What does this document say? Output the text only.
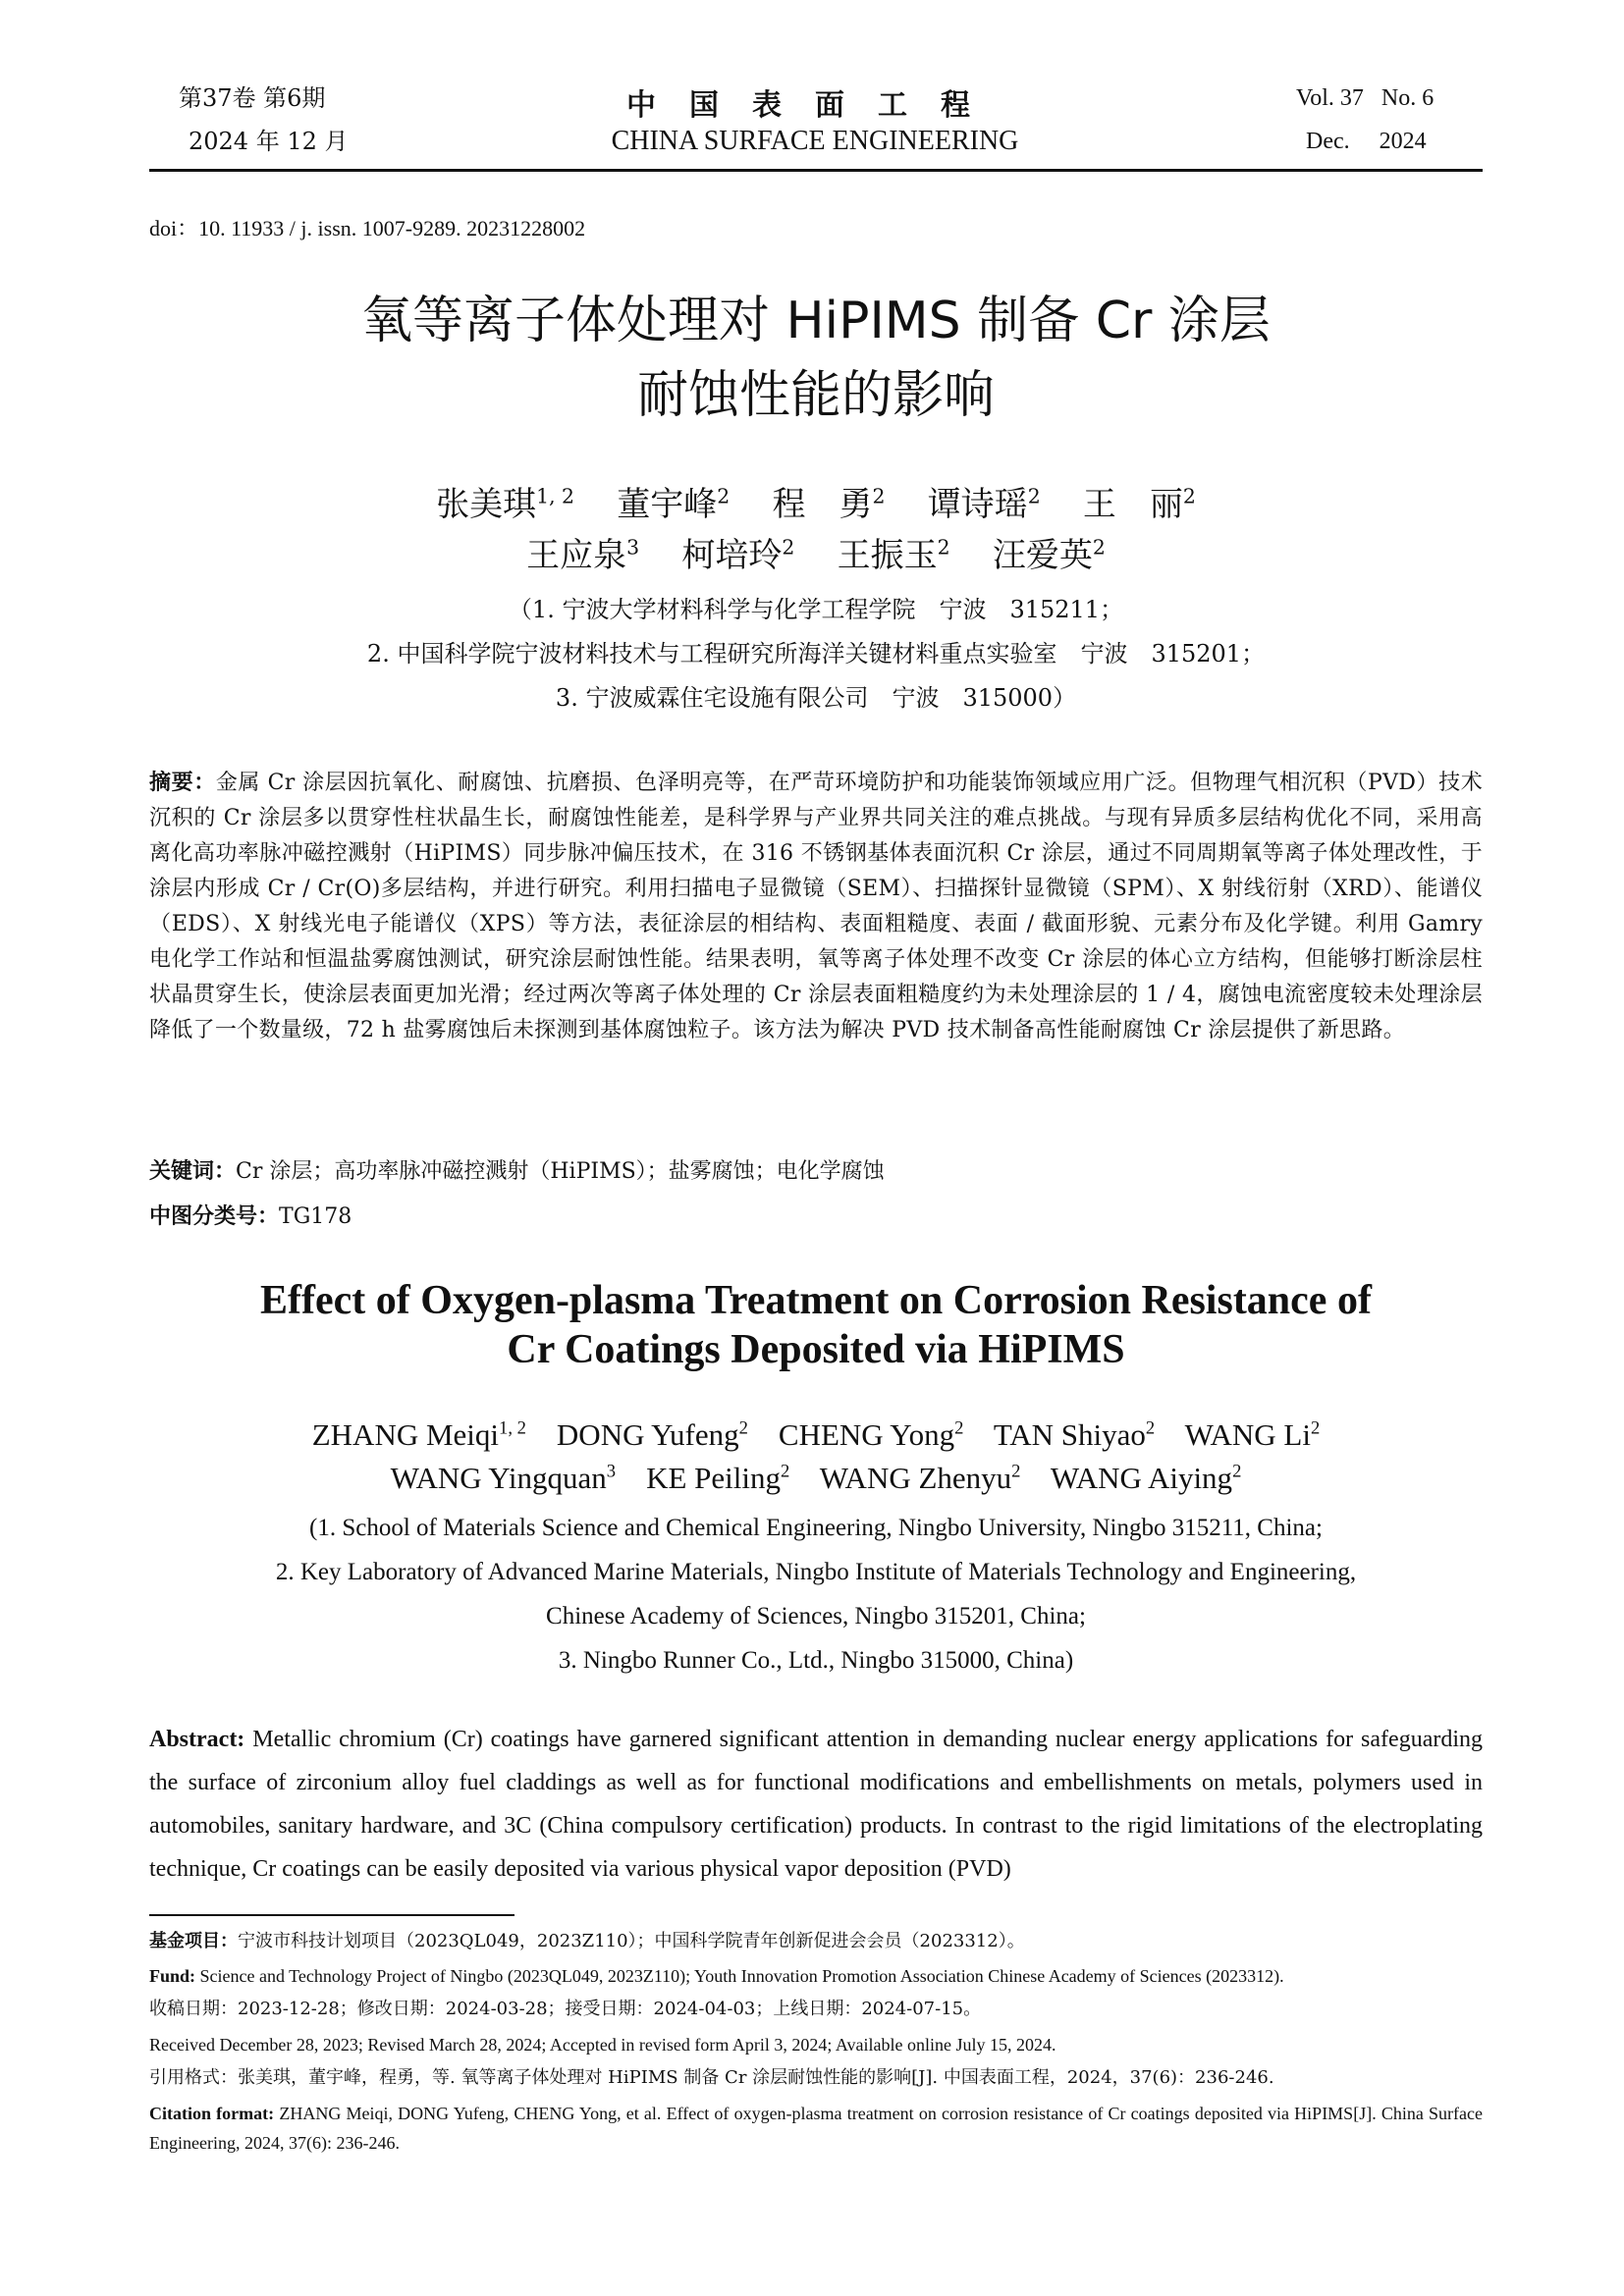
第37卷 第6期
2024 年 12 月
中国表面工程
CHINA SURFACE ENGINEERING
Vol. 37   No. 6
Dec.     2024
doi：10. 11933 / j. issn. 1007-9289. 20231228002
氧等离子体处理对 HiPIMS 制备 Cr 涂层
耐蚀性能的影响
张美琪$^{1, 2}$ 董宇峰$^2$ 程　勇$^2$ 谭诗瑶$^2$ 王　丽$^2$
王应泉$^3$ 柯培玲$^2$ 王振玉$^2$ 汪爱英$^2$
（1. 宁波大学材料科学与化学工程学院　宁波　315211；
2. 中国科学院宁波材料技术与工程研究所海洋关键材料重点实验室　宁波　315201；
3. 宁波威霖住宅设施有限公司　宁波　315000）
摘要：金属 Cr 涂层因抗氧化、耐腐蚀、抗磨损、色泽明亮等，在严苛环境防护和功能装饰领域应用广泛。但物理气相沉积（PVD）技术沉积的 Cr 涂层多以贯穿性柱状晶生长，耐腐蚀性能差，是科学界与产业界共同关注的难点挑战。与现有异质多层结构优化不同，采用高离化高功率脉冲磁控溅射（HiPIMS）同步脉冲偏压技术，在 316 不锈钢基体表面沉积 Cr 涂层，通过不同周期氧等离子体处理改性，于涂层内形成 Cr / Cr(O)多层结构，并进行研究。利用扫描电子显微镜（SEM）、扫描探针显微镜（SPM）、X 射线衍射（XRD）、能谱仪（EDS）、X 射线光电子能谱仪（XPS）等方法，表征涂层的相结构、表面粗糙度、表面 / 截面形貌、元素分布及化学键。利用 Gamry 电化学工作站和恒温盐雾腐蚀测试，研究涂层耐蚀性能。结果表明，氧等离子体处理不改变 Cr 涂层的体心立方结构，但能够打断涂层柱状晶贯穿生长，使涂层表面更加光滑；经过两次等离子体处理的 Cr 涂层表面粗糙度约为未处理涂层的 1 / 4，腐蚀电流密度较未处理涂层降低了一个数量级，72 h 盐雾腐蚀后未探测到基体腐蚀粒子。该方法为解决 PVD 技术制备高性能耐腐蚀 Cr 涂层提供了新思路。
关键词：Cr 涂层；高功率脉冲磁控溅射（HiPIMS）；盐雾腐蚀；电化学腐蚀
中图分类号：TG178
Effect of Oxygen-plasma Treatment on Corrosion Resistance of
Cr Coatings Deposited via HiPIMS
ZHANG Meiqi$^{1, 2}$ DONG Yufeng$^2$ CHENG Yong$^2$ TAN Shiyao$^2$ WANG Li$^2$
WANG Yingquan$^3$ KE Peiling$^2$ WANG Zhenyu$^2$ WANG Aiying$^2$
(1. School of Materials Science and Chemical Engineering, Ningbo University, Ningbo 315211, China;
2. Key Laboratory of Advanced Marine Materials, Ningbo Institute of Materials Technology and Engineering,
Chinese Academy of Sciences, Ningbo 315201, China;
3. Ningbo Runner Co., Ltd., Ningbo 315000, China)
Abstract: Metallic chromium (Cr) coatings have garnered significant attention in demanding nuclear energy applications for safeguarding the surface of zirconium alloy fuel claddings as well as for functional modifications and embellishments on metals, polymers used in automobiles, sanitary hardware, and 3C (China compulsory certification) products. In contrast to the rigid limitations of the electroplating technique, Cr coatings can be easily deposited via various physical vapor deposition (PVD)
基金项目：宁波市科技计划项目（2023QL049，2023Z110）；中国科学院青年创新促进会会员（2023312）。
Fund: Science and Technology Project of Ningbo (2023QL049, 2023Z110); Youth Innovation Promotion Association Chinese Academy of Sciences (2023312).
收稿日期：2023-12-28；修改日期：2024-03-28；接受日期：2024-04-03；上线日期：2024-07-15。
Received December 28, 2023; Revised March 28, 2024; Accepted in revised form April 3, 2024; Available online July 15, 2024.
引用格式：张美琪，董宇峰，程勇，等. 氧等离子体处理对 HiPIMS 制备 Cr 涂层耐蚀性能的影响[J]. 中国表面工程，2024，37(6)：236-246.
Citation format: ZHANG Meiqi, DONG Yufeng, CHENG Yong, et al. Effect of oxygen-plasma treatment on corrosion resistance of Cr coatings deposited via HiPIMS[J]. China Surface Engineering, 2024, 37(6): 236-246.
